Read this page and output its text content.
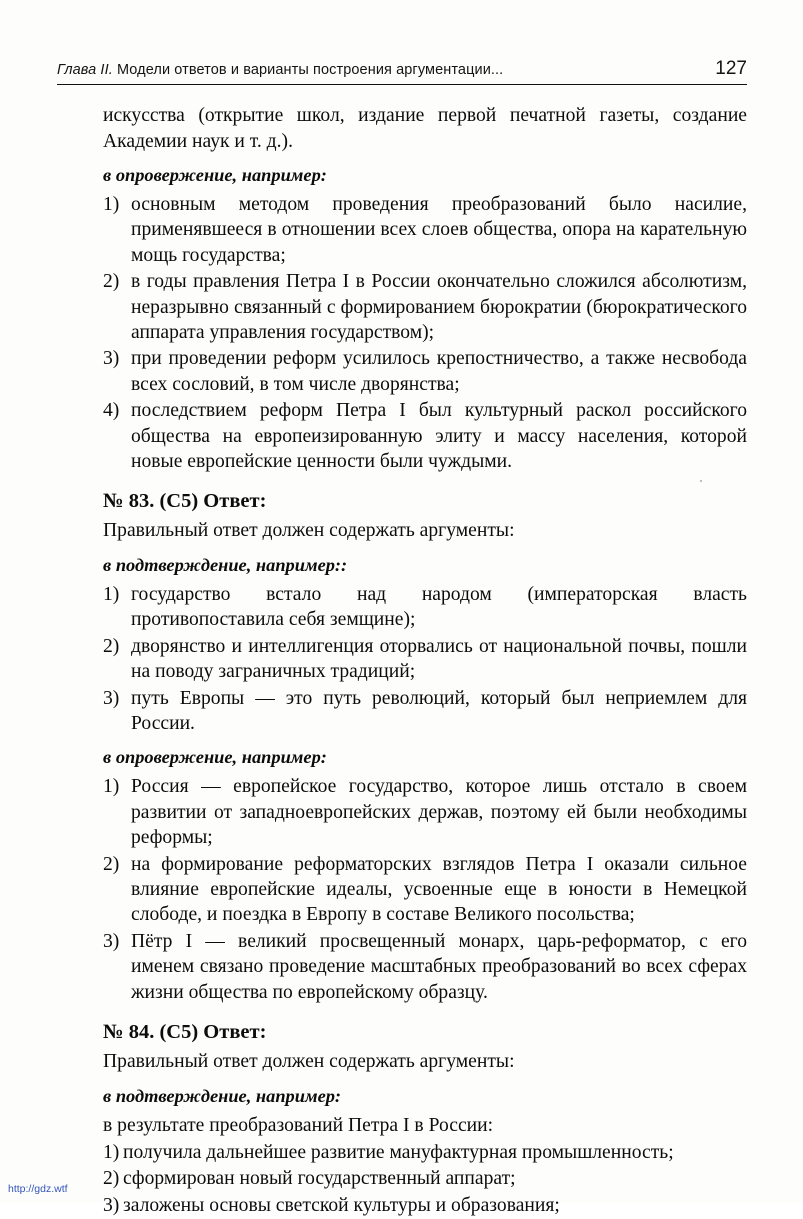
Глава II. Модели ответов и варианты построения аргументации...	127

искусства (открытие школ, издание первой печатной газеты, создание Академии наук и т. д.).

в опровержение, например:
1) основным методом проведения преобразований было насилие, применявшееся в отношении всех слоев общества, опора на карательную мощь государства;
2) в годы правления Петра I в России окончательно сложился абсолютизм, неразрывно связанный с формированием бюрократии (бюрократического аппарата управления государством);
3) при проведении реформ усилилось крепостничество, а также несвобода всех сословий, в том числе дворянства;
4) последствием реформ Петра I был культурный раскол российского общества на европеизированную элиту и массу населения, которой новые европейские ценности были чуждыми.
№ 83. (С5) Ответ:

Правильный ответ должен содержать аргументы:

в подтверждение, например::
1) государство встало над народом (императорская власть противопоставила себя земщине);
2) дворянство и интеллигенция оторвались от национальной почвы, пошли на поводу заграничных традиций;
3) путь Европы — это путь революций, который был неприемлем для России.
в опровержение, например:
1) Россия — европейское государство, которое лишь отстало в своем развитии от западноевропейских держав, поэтому ей были необходимы реформы;
2) на формирование реформаторских взглядов Петра I оказали сильное влияние европейские идеалы, усвоенные еще в юности в Немецкой слободе, и поездка в Европу в составе Великого посольства;
3) Пётр I — великий просвещенный монарх, царь-реформатор, с его именем связано проведение масштабных преобразований во всех сферах жизни общества по европейскому образцу.
№ 84. (С5) Ответ:

Правильный ответ должен содержать аргументы:

в подтверждение, например:

в результате преобразований Петра I в России:

1) получила дальнейшее развитие мануфактурная промышленность;
2) сформирован новый государственный аппарат;
3) заложены основы светской культуры и образования;
http://gdz.wtf
